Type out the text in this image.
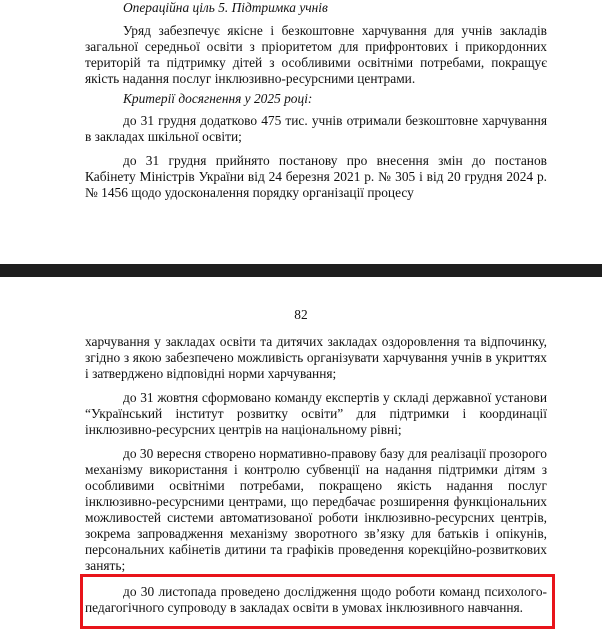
Операційна ціль 5. Підтримка учнів

Уряд забезпечує якісне і безкоштовне харчування для учнів закладів загальної середньої освіти з пріоритетом для прифронтових і прикордонних територій та підтримку дітей з особливими освітніми потребами, покращує якість надання послуг інклюзивно-ресурсними центрами.

Критерії досягнення у 2025 році:

до 31 грудня додатково 475 тис. учнів отримали безкоштовне харчування в закладах шкільної освіти;

до 31 грудня прийнято постанову про внесення змін до постанов Кабінету Міністрів України від 24 березня 2021 р. № 305 і від 20 грудня 2024 р. № 1456 щодо удосконалення порядку організації процесу

82

харчування у закладах освіти та дитячих закладах оздоровлення та відпочинку, згідно з якою забезпечено можливість організувати харчування учнів в укриттях і затверджено відповідні норми харчування;

до 31 жовтня сформовано команду експертів у складі державної установи “Український інститут розвитку освіти” для підтримки і координації інклюзивно-ресурсних центрів на національному рівні;

до 30 вересня створено нормативно-правову базу для реалізації прозорого механізму використання і контролю субвенції на надання підтримки дітям з особливими освітніми потребами, покращено якість надання послуг інклюзивно-ресурсними центрами, що передбачає розширення функціональних можливостей системи автоматизованої роботи інклюзивно-ресурсних центрів, зокрема запровадження механізму зворотного зв’язку для батьків і опікунів, персональних кабінетів дитини та графіків проведення корекційно-розвиткових занять;

до 30 листопада проведено дослідження щодо роботи команд психолого-педагогічного супроводу в закладах освіти в умовах інклюзивного навчання.
